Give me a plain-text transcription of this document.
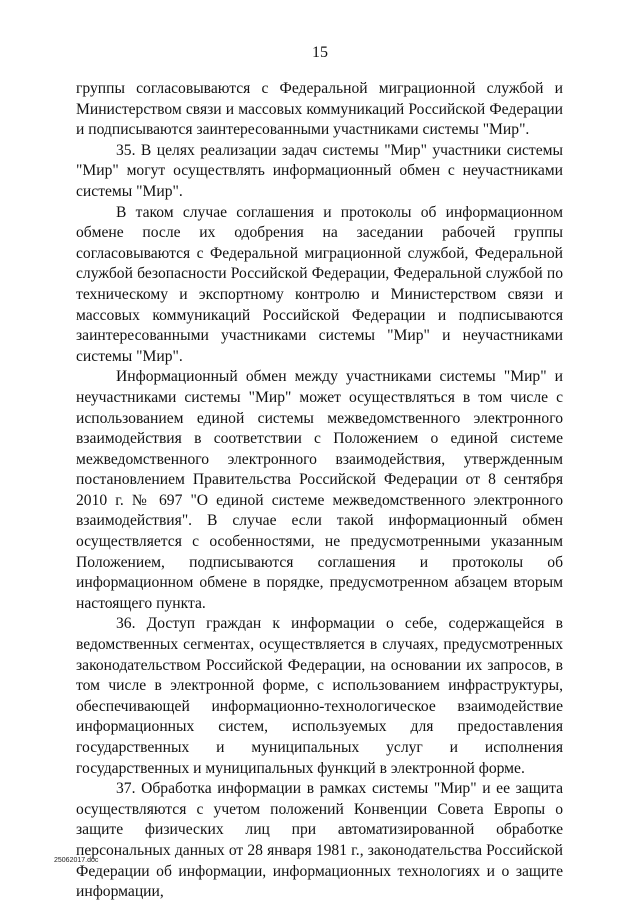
15

группы согласовываются с Федеральной миграционной службой и Министерством связи и массовых коммуникаций Российской Федерации и подписываются заинтересованными участниками системы "Мир".

35. В целях реализации задач системы "Мир" участники системы "Мир" могут осуществлять информационный обмен с неучастниками системы "Мир".

В таком случае соглашения и протоколы об информационном обмене после их одобрения на заседании рабочей группы согласовываются с Федеральной миграционной службой, Федеральной службой безопасности Российской Федерации, Федеральной службой по техническому и экспортному контролю и Министерством связи и массовых коммуникаций Российской Федерации и подписываются заинтересованными участниками системы "Мир" и неучастниками системы "Мир".

Информационный обмен между участниками системы "Мир" и неучастниками системы "Мир" может осуществляться в том числе с использованием единой системы межведомственного электронного взаимодействия в соответствии с Положением о единой системе межведомственного электронного взаимодействия, утвержденным постановлением Правительства Российской Федерации от 8 сентября 2010 г. № 697 "О единой системе межведомственного электронного взаимодействия". В случае если такой информационный обмен осуществляется с особенностями, не предусмотренными указанным Положением, подписываются соглашения и протоколы об информационном обмене в порядке, предусмотренном абзацем вторым настоящего пункта.

36. Доступ граждан к информации о себе, содержащейся в ведомственных сегментах, осуществляется в случаях, предусмотренных законодательством Российской Федерации, на основании их запросов, в том числе в электронной форме, с использованием инфраструктуры, обеспечивающей информационно-технологическое взаимодействие информационных систем, используемых для предоставления государственных и муниципальных услуг и исполнения государственных и муниципальных функций в электронной форме.

37. Обработка информации в рамках системы "Мир" и ее защита осуществляются с учетом положений Конвенции Совета Европы о защите физических лиц при автоматизированной обработке персональных данных от 28 января 1981 г., законодательства Российской Федерации об информации, информационных технологиях и о защите информации,

25062017.doc
